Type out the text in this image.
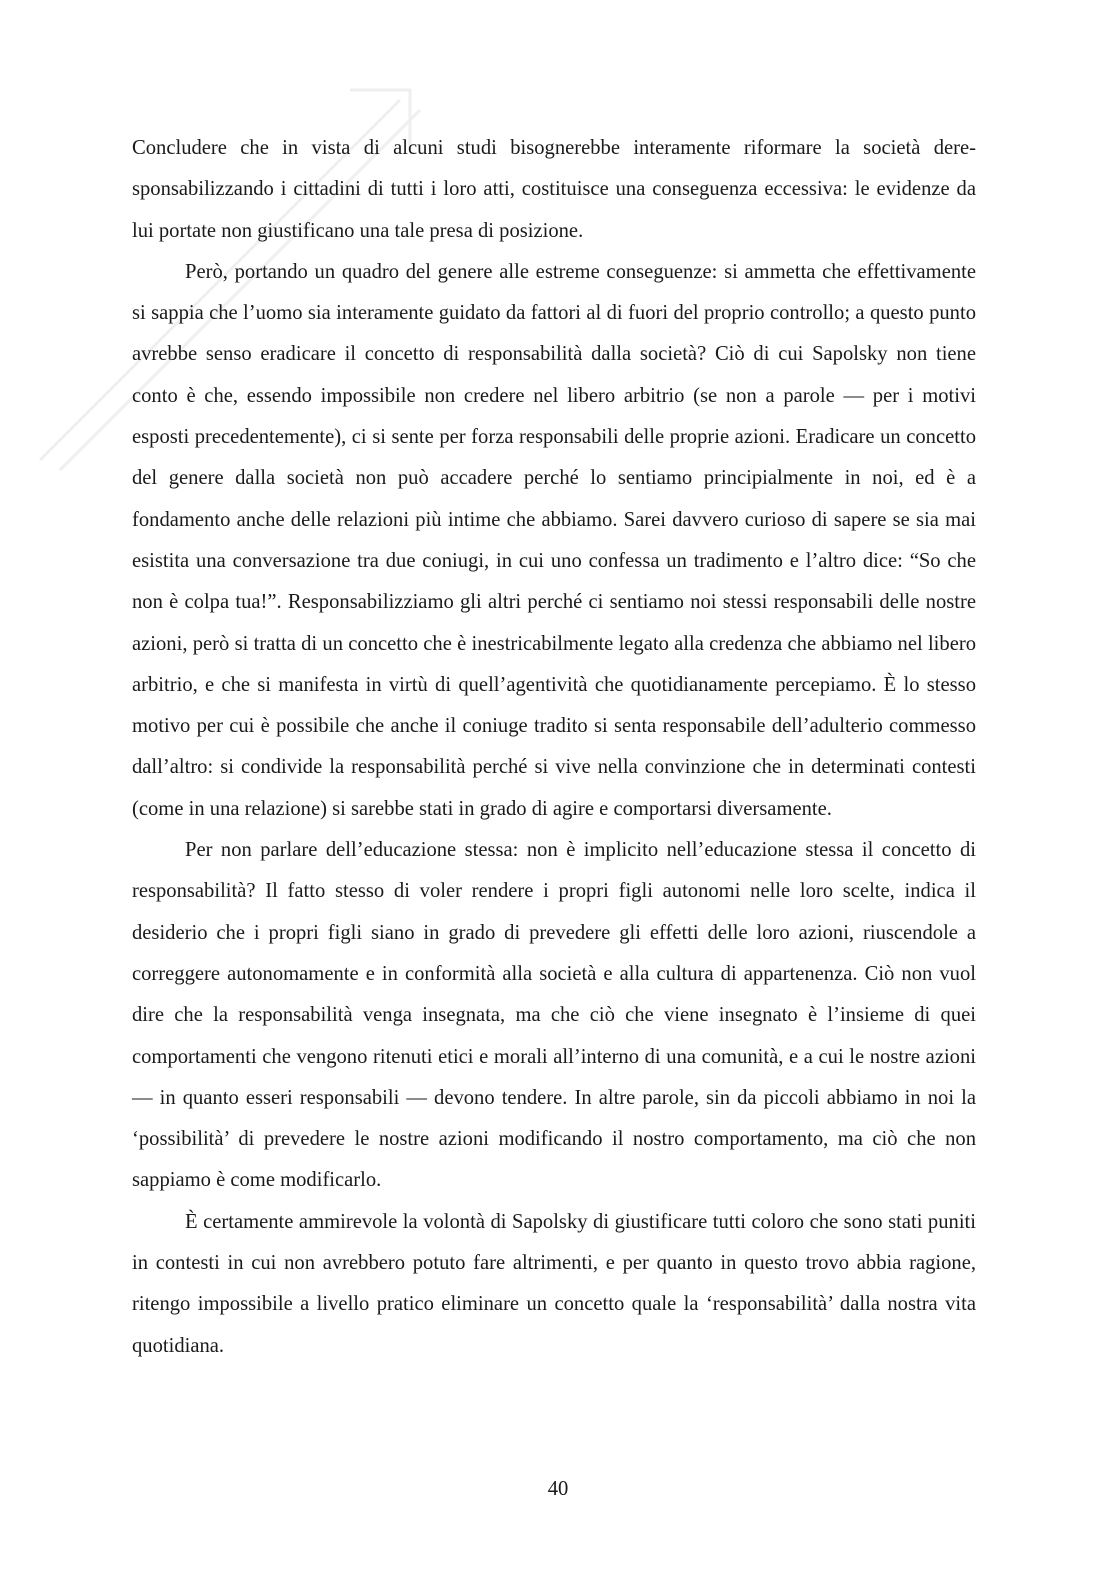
Concludere che in vista di alcuni studi bisognerebbe interamente riformare la società deresponsabilizzando i cittadini di tutti i loro atti, costituisce una conseguenza eccessiva: le evidenze da lui portate non giustificano una tale presa di posizione.

Però, portando un quadro del genere alle estreme conseguenze: si ammetta che effettivamente si sappia che l’uomo sia interamente guidato da fattori al di fuori del proprio controllo; a questo punto avrebbe senso eradicare il concetto di responsabilità dalla società? Ciò di cui Sapolsky non tiene conto è che, essendo impossibile non credere nel libero arbitrio (se non a parole — per i motivi esposti precedentemente), ci si sente per forza responsabili delle proprie azioni. Eradicare un concetto del genere dalla società non può accadere perché lo sentiamo principialmente in noi, ed è a fondamento anche delle relazioni più intime che abbiamo. Sarei davvero curioso di sapere se sia mai esistita una conversazione tra due coniugi, in cui uno confessa un tradimento e l’altro dice: “So che non è colpa tua!”. Responsabilizziamo gli altri perché ci sentiamo noi stessi responsabili delle nostre azioni, però si tratta di un concetto che è inestricabilmente legato alla credenza che abbiamo nel libero arbitrio, e che si manifesta in virtù di quell’agentività che quotidianamente percepiamo. È lo stesso motivo per cui è possibile che anche il coniuge tradito si senta responsabile dell’adulterio commesso dall’altro: si condivide la responsabilità perché si vive nella convinzione che in determinati contesti (come in una relazione) si sarebbe stati in grado di agire e comportarsi diversamente.

Per non parlare dell’educazione stessa: non è implicito nell’educazione stessa il concetto di responsabilità? Il fatto stesso di voler rendere i propri figli autonomi nelle loro scelte, indica il desiderio che i propri figli siano in grado di prevedere gli effetti delle loro azioni, riuscendole a correggere autonomamente e in conformità alla società e alla cultura di appartenenza. Ciò non vuol dire che la responsabilità venga insegnata, ma che ciò che viene insegnato è l’insieme di quei comportamenti che vengono ritenuti etici e morali all’interno di una comunità, e a cui le nostre azioni — in quanto esseri responsabili — devono tendere. In altre parole, sin da piccoli abbiamo in noi la ‘possibilità’ di prevedere le nostre azioni modificando il nostro comportamento, ma ciò che non sappiamo è come modificarlo.

È certamente ammirevole la volontà di Sapolsky di giustificare tutti coloro che sono stati puniti in contesti in cui non avrebbero potuto fare altrimenti, e per quanto in questo trovo abbia ragione, ritengo impossibile a livello pratico eliminare un concetto quale la ‘responsabilità’ dalla nostra vita quotidiana.

40
